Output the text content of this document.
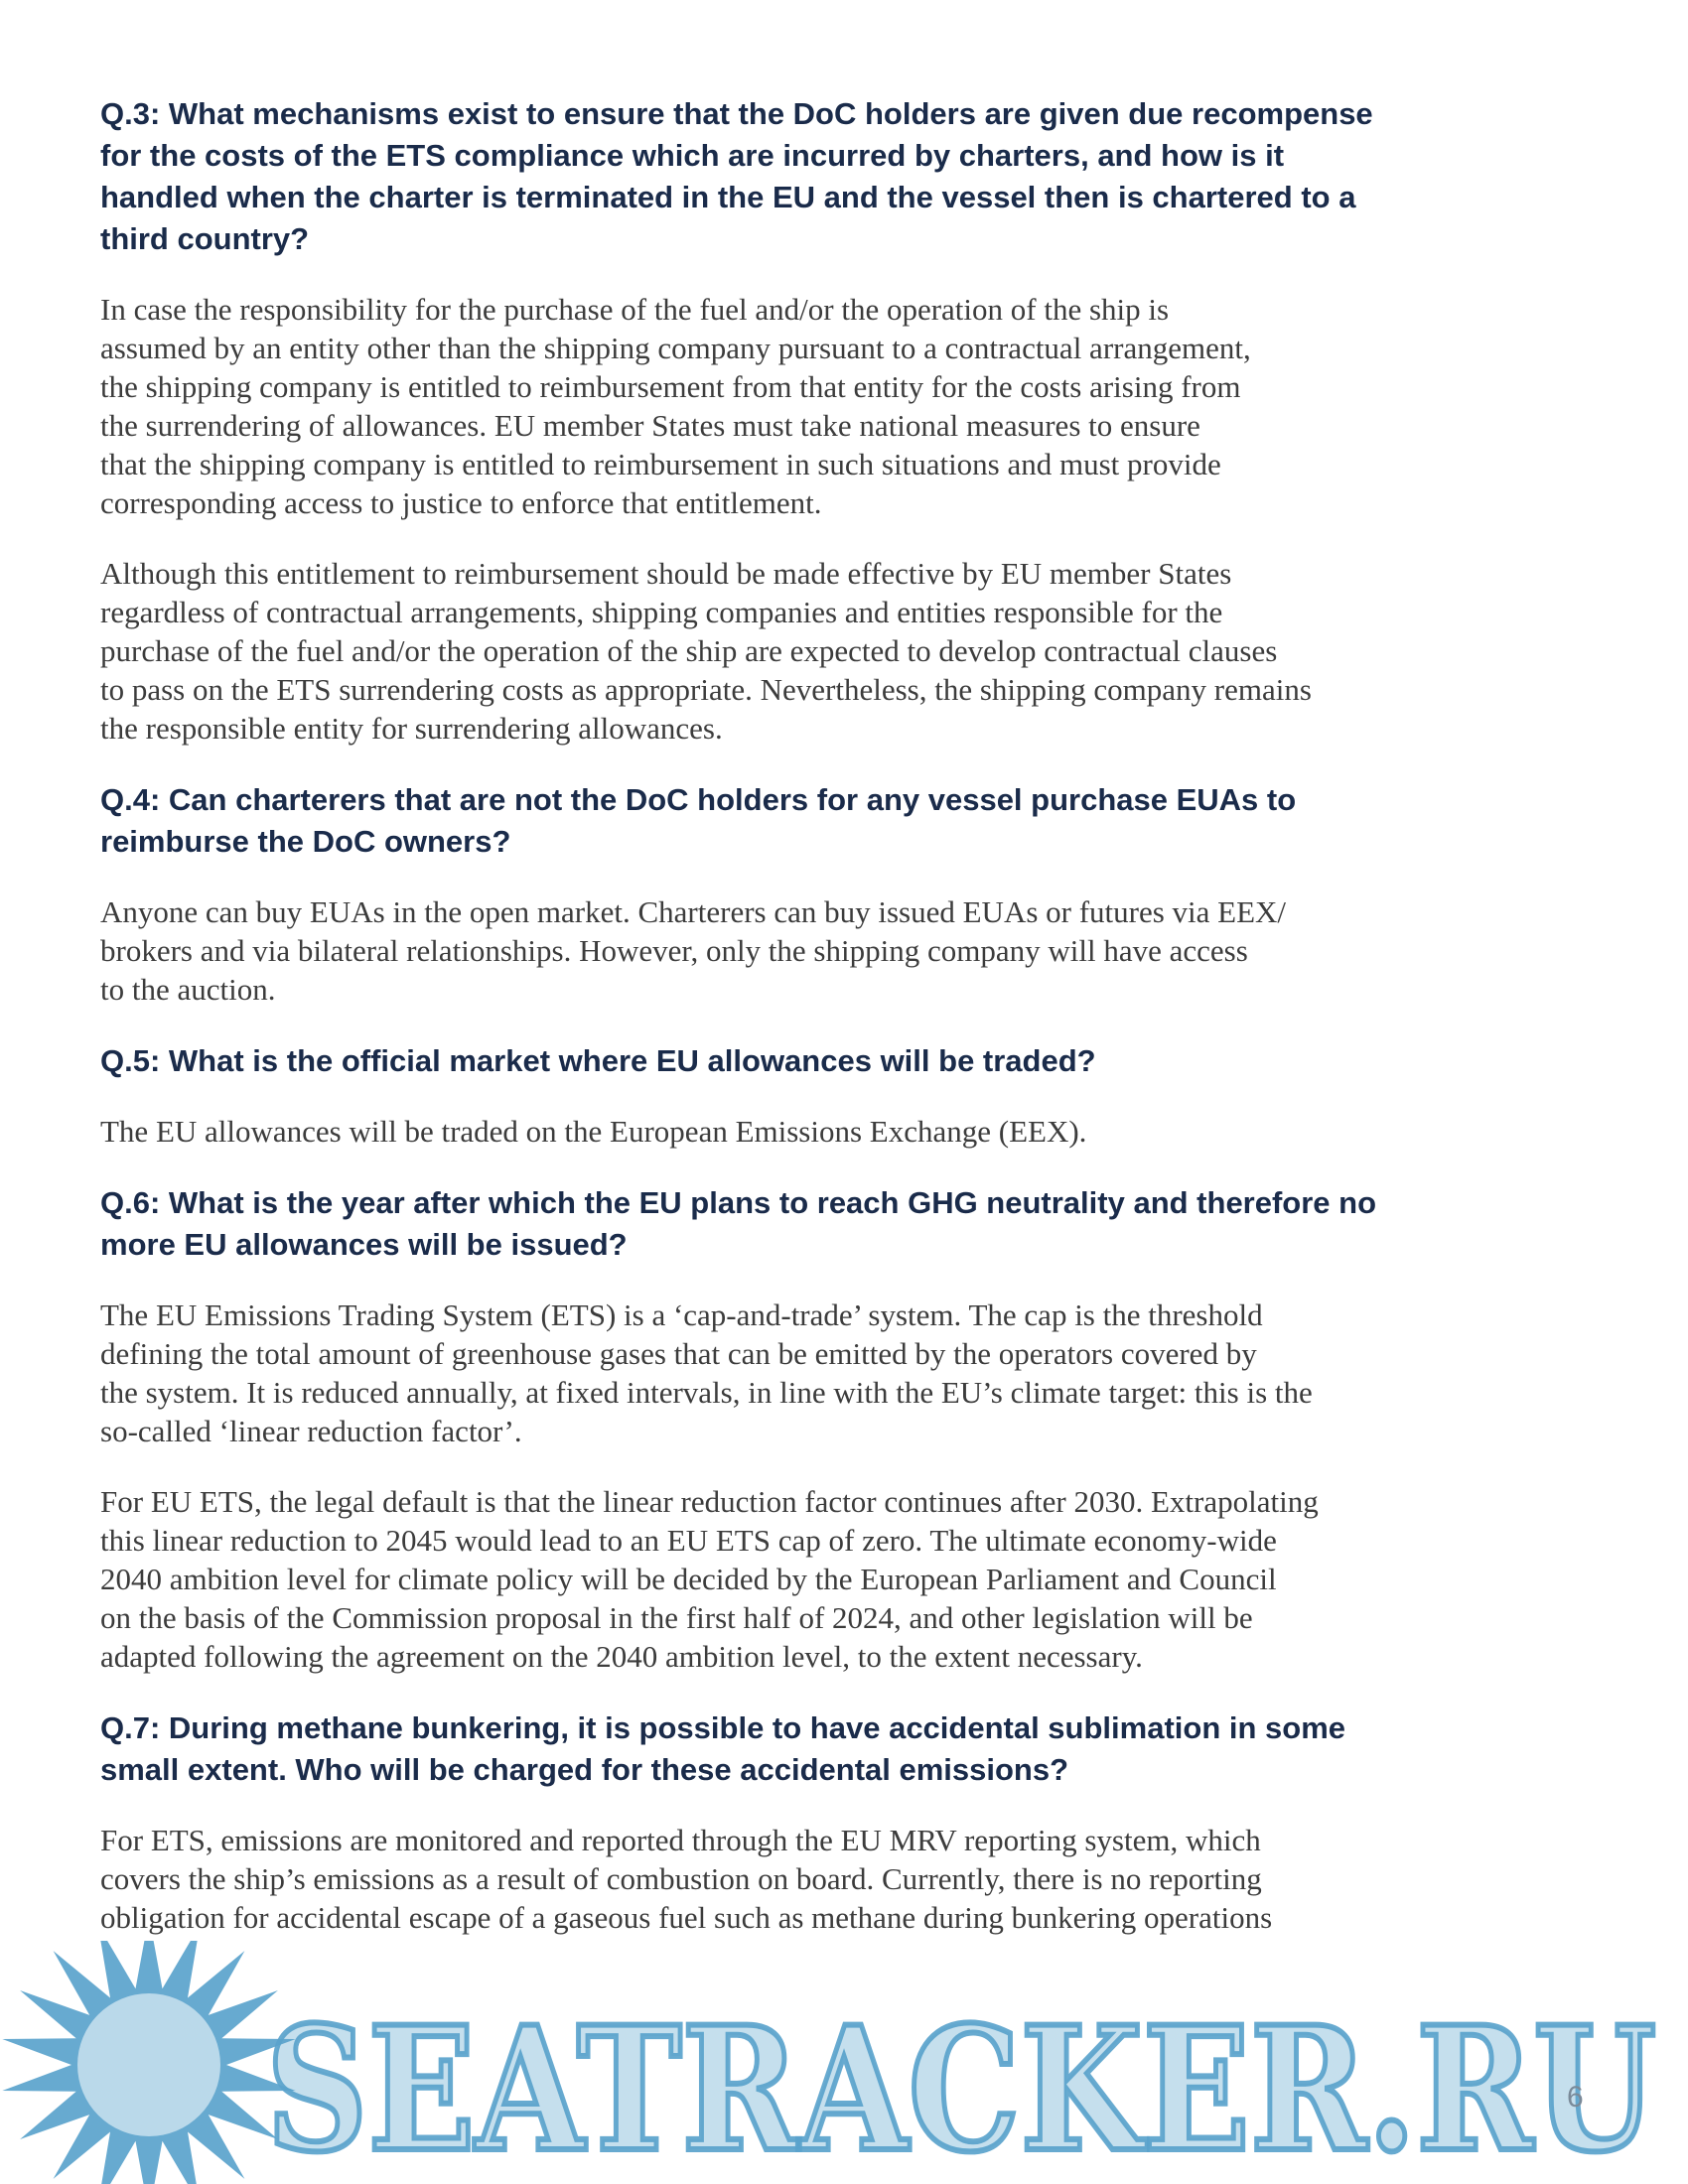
Q.3: What mechanisms exist to ensure that the DoC holders are given due recompense
for the costs of the ETS compliance which are incurred by charters, and how is it
handled when the charter is terminated in the EU and the vessel then is chartered to a
third country?
In case the responsibility for the purchase of the fuel and/or the operation of the ship is
assumed by an entity other than the shipping company pursuant to a contractual arrangement,
the shipping company is entitled to reimbursement from that entity for the costs arising from
the surrendering of allowances. EU member States must take national measures to ensure
that the shipping company is entitled to reimbursement in such situations and must provide
corresponding access to justice to enforce that entitlement.
Although this entitlement to reimbursement should be made effective by EU member States
regardless of contractual arrangements, shipping companies and entities responsible for the
purchase of the fuel and/or the operation of the ship are expected to develop contractual clauses
to pass on the ETS surrendering costs as appropriate. Nevertheless, the shipping company remains
the responsible entity for surrendering allowances.
Q.4: Can charterers that are not the DoC holders for any vessel purchase EUAs to
reimburse the DoC owners?
Anyone can buy EUAs in the open market. Charterers can buy issued EUAs or futures via EEX/
brokers and via bilateral relationships. However, only the shipping company will have access
to the auction.
Q.5: What is the official market where EU allowances will be traded?
The EU allowances will be traded on the European Emissions Exchange (EEX).
Q.6: What is the year after which the EU plans to reach GHG neutrality and therefore no
more EU allowances will be issued?
The EU Emissions Trading System (ETS) is a ‘cap-and-trade’ system. The cap is the threshold
defining the total amount of greenhouse gases that can be emitted by the operators covered by
the system. It is reduced annually, at fixed intervals, in line with the EU’s climate target: this is the
so-called ‘linear reduction factor’.
For EU ETS, the legal default is that the linear reduction factor continues after 2030. Extrapolating
this linear reduction to 2045 would lead to an EU ETS cap of zero. The ultimate economy-wide
2040 ambition level for climate policy will be decided by the European Parliament and Council
on the basis of the Commission proposal in the first half of 2024, and other legislation will be
adapted following the agreement on the 2040 ambition level, to the extent necessary.
Q.7: During methane bunkering, it is possible to have accidental sublimation in some
small extent. Who will be charged for these accidental emissions?
For ETS, emissions are monitored and reported through the EU MRV reporting system, which
covers the ship’s emissions as a result of combustion on board. Currently, there is no reporting
obligation for accidental escape of a gaseous fuel such as methane during bunkering operations
SEATRACKER.RU
SEATRACKER.RU
6
